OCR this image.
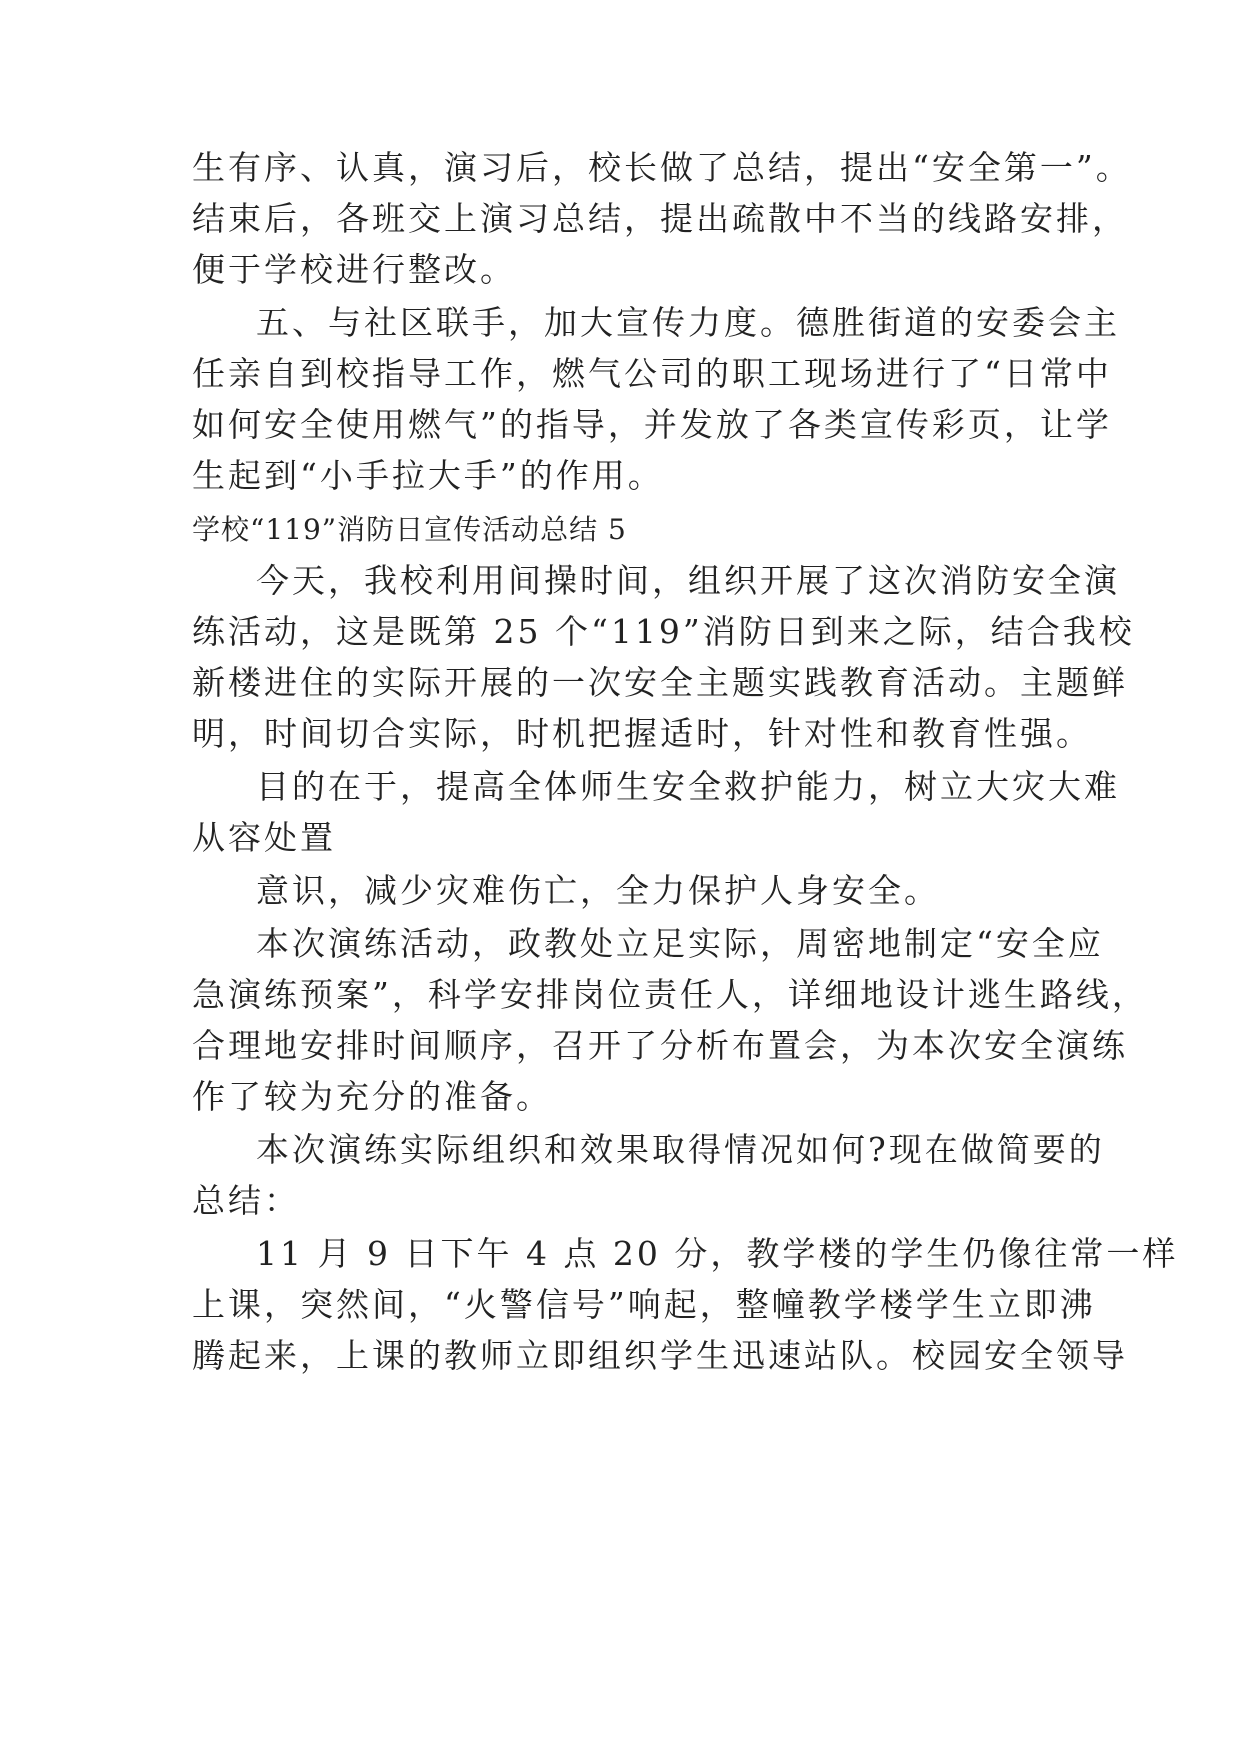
生有序、认真，演习后，校长做了总结，提出“安全第一”。
结束后，各班交上演习总结，提出疏散中不当的线路安排，
便于学校进行整改。
五、与社区联手，加大宣传力度。德胜街道的安委会主
任亲自到校指导工作，燃气公司的职工现场进行了“日常中
如何安全使用燃气”的指导，并发放了各类宣传彩页，让学
生起到“小手拉大手”的作用。
学校“119”消防日宣传活动总结 5
今天，我校利用间操时间，组织开展了这次消防安全演
练活动，这是既第 25 个“119”消防日到来之际，结合我校
新楼进住的实际开展的一次安全主题实践教育活动。主题鲜
明，时间切合实际，时机把握适时，针对性和教育性强。
目的在于，提高全体师生安全救护能力，树立大灾大难
从容处置
意识，减少灾难伤亡，全力保护人身安全。
本次演练活动，政教处立足实际，周密地制定“安全应
急演练预案”，科学安排岗位责任人，详细地设计逃生路线，
合理地安排时间顺序，召开了分析布置会，为本次安全演练
作了较为充分的准备。
本次演练实际组织和效果取得情况如何?现在做简要的
总结：
11 月 9 日下午 4 点 20 分，教学楼的学生仍像往常一样
上课，突然间，“火警信号”响起，整幢教学楼学生立即沸
腾起来，上课的教师立即组织学生迅速站队。校园安全领导
